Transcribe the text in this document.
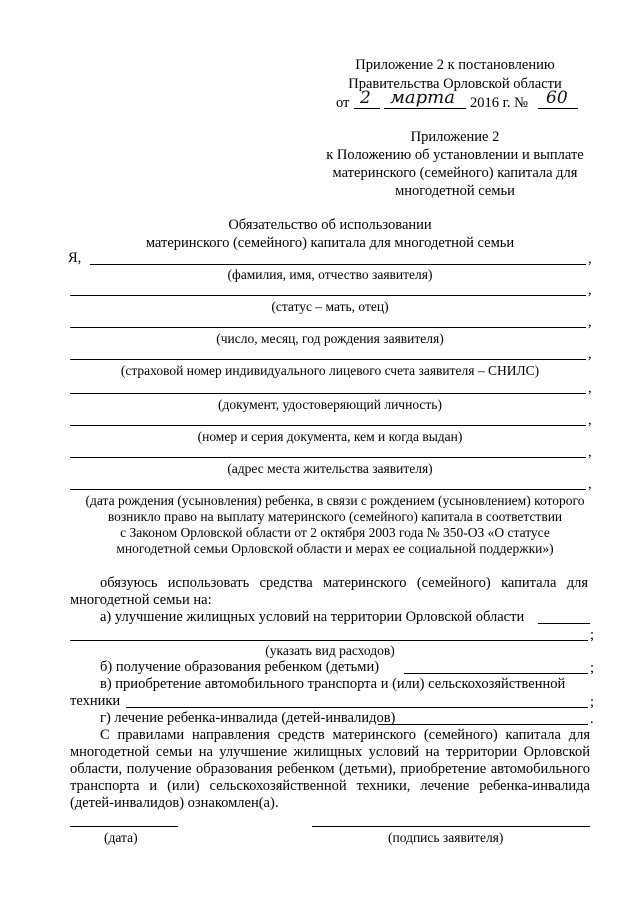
Приложение 2 к постановлению
Правительства Орловской области
от 2 марта 2016 г. № 60
Приложение 2
к Положению об установлении и выплате
материнского (семейного) капитала для
многодетной семьи
Обязательство об использовании
материнского (семейного) капитала для многодетной семьи
Я,	,
(фамилия, имя, отчество заявителя)
,
(статус – мать, отец)
,
(число, месяц, год рождения заявителя)
,
(страховой номер индивидуального лицевого счета заявителя – СНИЛС)
,
(документ, удостоверяющий личность)
,
(номер и серия документа, кем и когда выдан)
,
(адрес места жительства заявителя)
,
(дата рождения (усыновления) ребенка, в связи с рождением (усыновлением) которого
возникло право на выплату материнского (семейного) капитала в соответствии
с Законом Орловской области от 2 октября 2003 года № 350-ОЗ «О статусе
многодетной семьи Орловской области и мерах ее социальной поддержки»)
обязуюсь использовать средства материнского (семейного) капитала для
многодетной семьи на:
а) улучшение жилищных условий на территории Орловской области
;
(указать вид расходов)
б) получение образования ребенком (детьми)	;
в) приобретение автомобильного транспорта и (или) сельскохозяйственной
техники	;
г) лечение ребенка-инвалида (детей-инвалидов)	.
С правилами направления средств материнского (семейного) капитала для
многодетной семьи на улучшение жилищных условий на территории Орловской
области, получение образования ребенком (детьми), приобретение автомобильного
транспорта и (или) сельскохозяйственной техники, лечение ребенка-инвалида
(детей-инвалидов) ознакомлен(а).
(дата)	(подпись заявителя)
